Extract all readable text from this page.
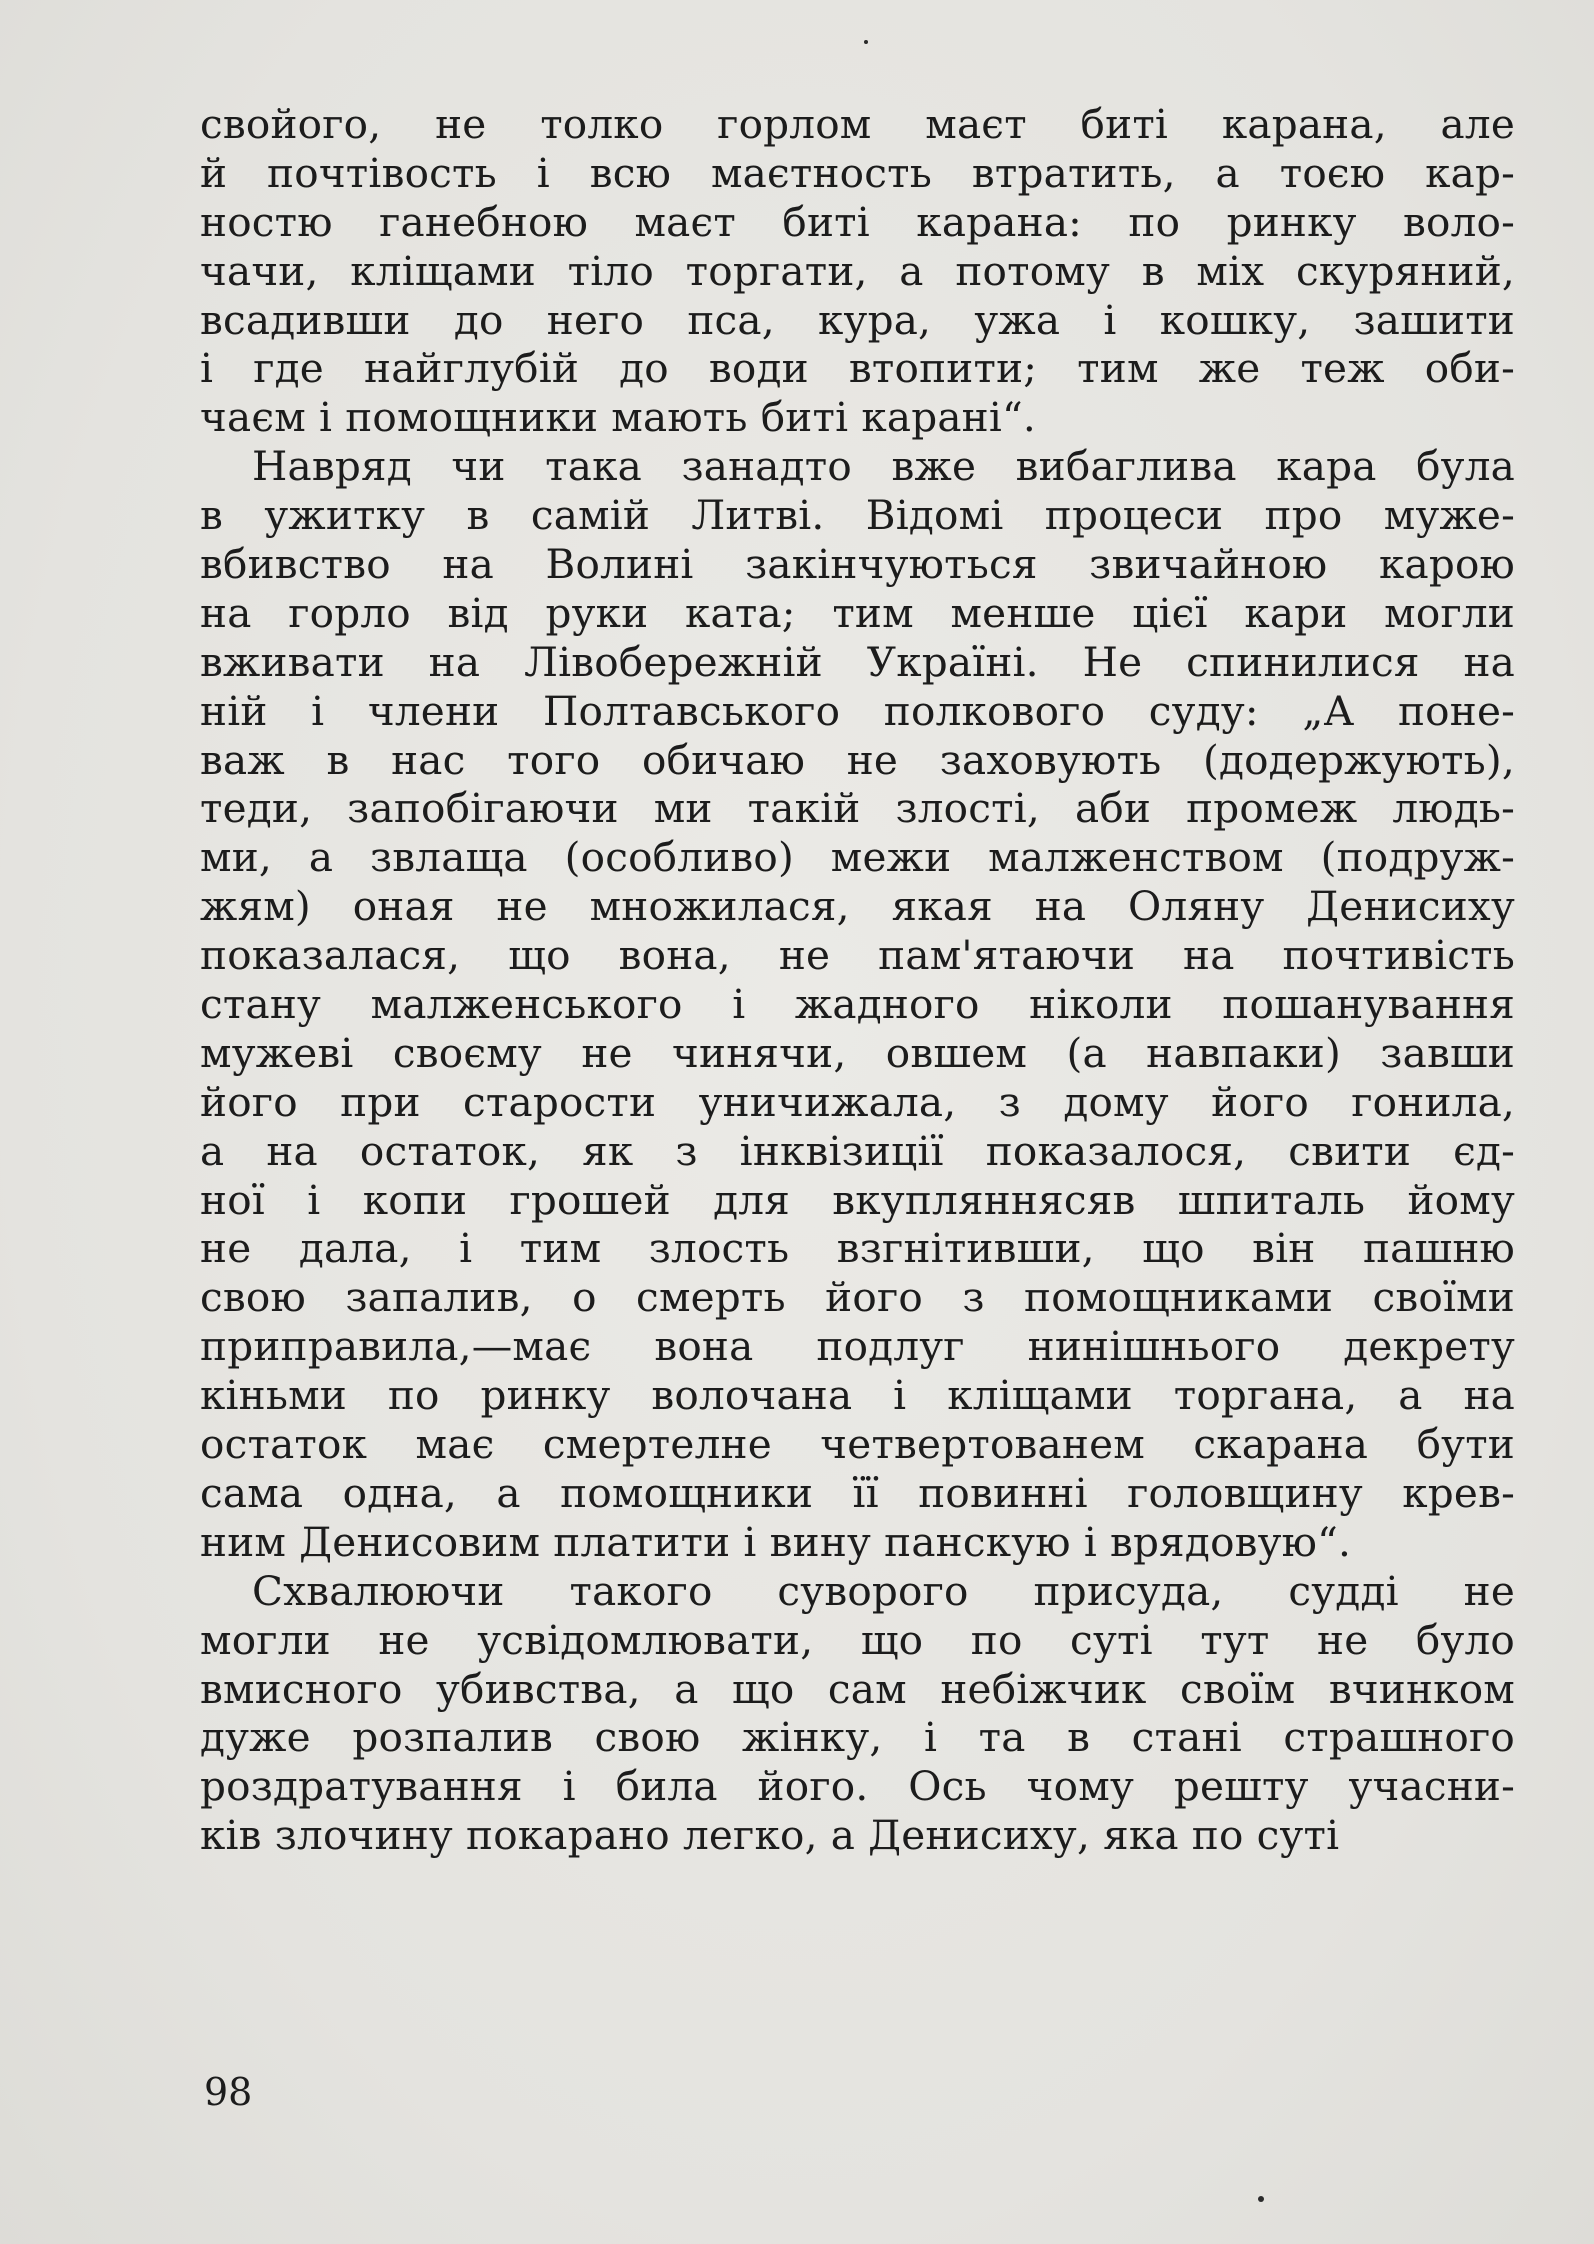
свойого, не толко горлом маєт биті карана, але
й почтівость і всю маєтность втратить, а тоєю кар-
ностю ганебною маєт биті карана: по ринку воло-
чачи, кліщами тіло торгати, а потому в міх скуряний,
всадивши до него пса, кура, ужа і кошку, зашити
і где найглубій до води втопити; тим же теж оби-
чаєм і помощники мають биті карані“.
Навряд чи така занадто вже вибаглива кара була
в ужитку в самій Литві. Відомі процеси про муже-
вбивство на Волині закінчуються звичайною карою
на горло від руки ката; тим менше цієї кари могли
вживати на Лівобережній Україні. Не спинилися на
ній і члени Полтавського полкового суду: „А поне-
важ в нас того обичаю не заховують (додержують),
теди, запобігаючи ми такій злості, аби промеж людь-
ми, а звлаща (особливо) межи малженством (подруж-
жям) оная не множилася, якая на Оляну Денисиху
показалася, що вона, не пам'ятаючи на почтивість
стану малженського і жадного ніколи пошанування
мужеві своєму не чинячи, овшем (а навпаки) завши
його при старости уничижала, з дому його гонила,
а на остаток, як з інквізиції показалося, свити єд-
ної і копи грошей для вкупляннясяв шпиталь йому
не дала, і тим злость взгнітивши, що він пашню
свою запалив, о смерть його з помощниками своїми
приправила,—має вона подлуг нинішнього декрету
кіньми по ринку волочана і кліщами торгана, а на
остаток має смертелне четвертованем скарана бути
сама одна, а помощники її повинні головщину крев-
ним Денисовим платити і вину панскую і врядовую“.
Схвалюючи такого суворого присуда, судді не
могли не усвідомлювати, що по суті тут не було
вмисного убивства, а що сам небіжчик своїм вчинком
дуже розпалив свою жінку, і та в стані страшного
роздратування і била його. Ось чому решту учасни-
ків злочину покарано легко, а Денисиху, яка по суті
98
